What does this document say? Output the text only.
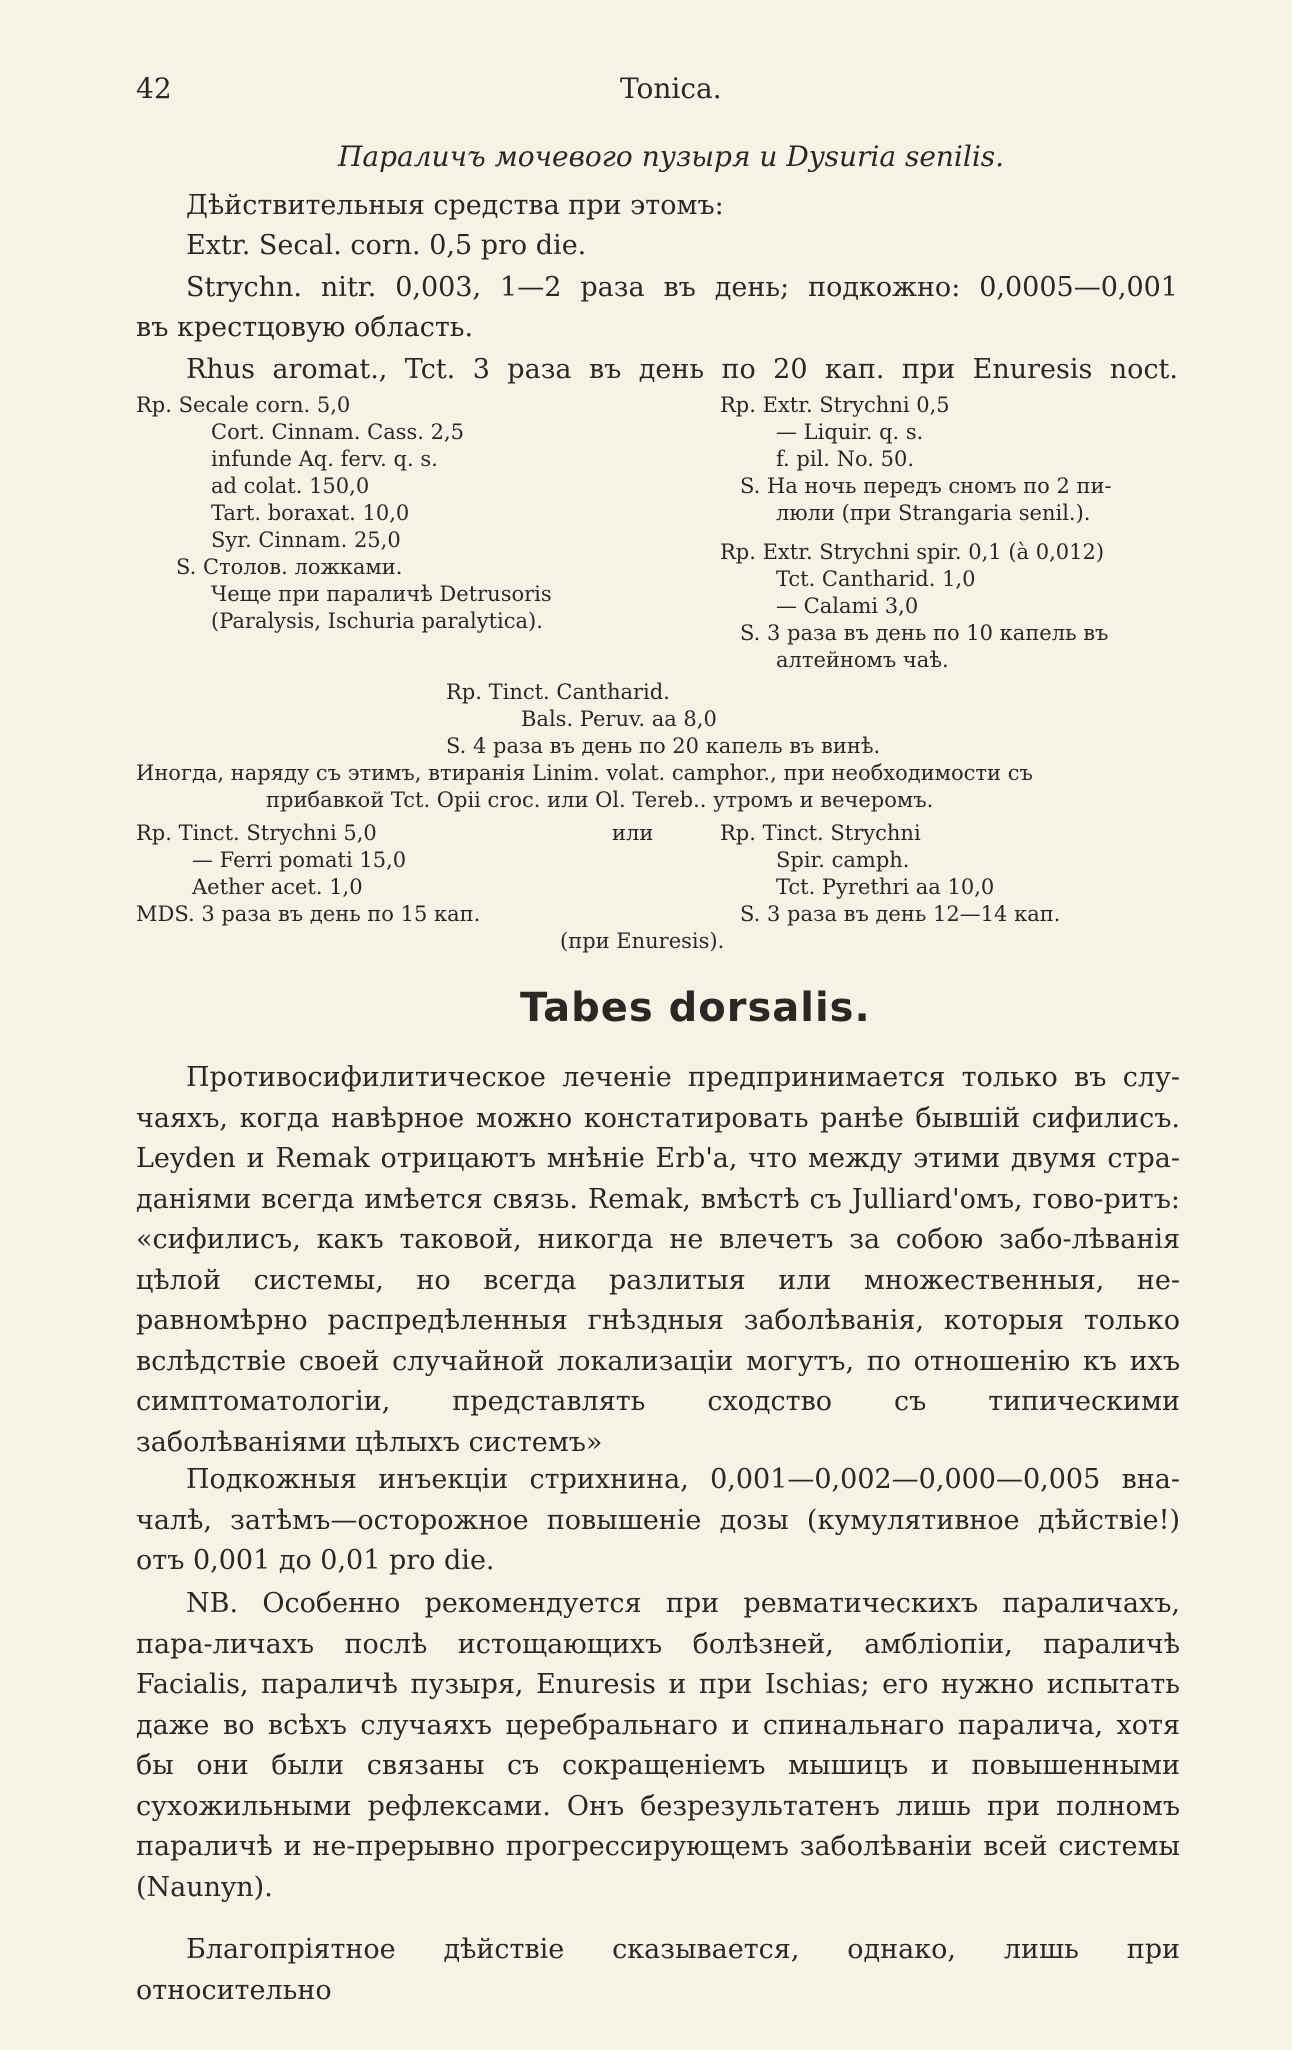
42	Tonica.
Параличъ мочевого пузыря и Dysuria senilis.
Дѣйствительныя средства при этомъ:
Extr. Secal. corn. 0,5 pro die.
Strychn. nitr. 0,003, 1—2 раза въ день; подкожно: 0,0005—0,001
въ крестцовую область.
Rhus aromat., Tct. 3 раза въ день по 20 кап. при Enuresis noct.
Rp. Secale corn. 5,0
Cort. Cinnam. Cass. 2,5
infunde Aq. ferv. q. s.
ad colat. 150,0
Tart. boraxat. 10,0
Syr. Cinnam. 25,0
S. Столов. ложками.
Чеще при параличѣ Detrusoris
(Paralysis, Ischuria paralytica).
Rp. Extr. Strychni 0,5
— Liquir. q. s.
f. pil. No. 50.
S. На ночь передъ сномъ по 2 пи-
люли (при Strangaria senil.).
Rp. Extr. Strychni spir. 0,1 (à 0,012)
Tct. Cantharid. 1,0
— Calami 3,0
S. 3 раза въ день по 10 капель въ
алтейномъ чаѣ.
Rp. Tinct. Cantharid.
Bals. Peruv. aa 8,0
S. 4 раза въ день по 20 капель въ винѣ.
Иногда, наряду съ этимъ, втиранія Linim. volat. camphor., при необходимости съ
прибавкой Tct. Opii croc. или Ol. Tereb.. утромъ и вечеромъ.
Rp. Tinct. Strychni 5,0
— Ferri pomati 15,0
Aether acet. 1,0
MDS. 3 раза въ день по 15 кап.
или	Rp. Tinct. Strychni
Spir. camph.
Tct. Pyrethri aa 10,0
S. 3 раза въ день 12—14 кап.
(при Enuresis).
Tabes dorsalis.
Противосифилитическое леченіе предпринимается только въ слу-чаяхъ, когда навѣрное можно констатировать ранѣе бывшій сифилисъ. Leyden и Remak отрицаютъ мнѣніе Erb'а, что между этими двумя стра-даніями всегда имѣется связь. Remak, вмѣстѣ съ Julliard'омъ, гово-ритъ: «сифилисъ, какъ таковой, никогда не влечетъ за собою забо-лѣванія цѣлой системы, но всегда разлитыя или множественныя, не-равномѣрно распредѣленныя гнѣздныя заболѣванія, которыя только вслѣдствіе своей случайной локализаціи могутъ, по отношенію къ ихъ симптоматологіи, представлять сходство съ типическими заболѣваніями цѣлыхъ системъ»
Подкожныя инъекціи стрихнина, 0,001—0,002—0,000—0,005 вна-чалѣ, затѣмъ—осторожное повышеніе дозы (кумулятивное дѣйствіе!) отъ 0,001 до 0,01 pro die.
NB. Особенно рекомендуется при ревматическихъ параличахъ, пара-личахъ послѣ истощающихъ болѣзней, амбліопіи, параличѣ Facialis, параличѣ пузыря, Enuresis и при Ischias; его нужно испытать даже во всѣхъ случаяхъ церебральнаго и спинальнаго паралича, хотя бы они были связаны съ сокращеніемъ мышицъ и повышенными сухожильными рефлексами. Онъ безрезультатенъ лишь при полномъ параличѣ и не-прерывно прогрессирующемъ заболѣваніи всей системы (Naunyn).
Благопріятное дѣйствіе сказывается, однако, лишь при относительно
